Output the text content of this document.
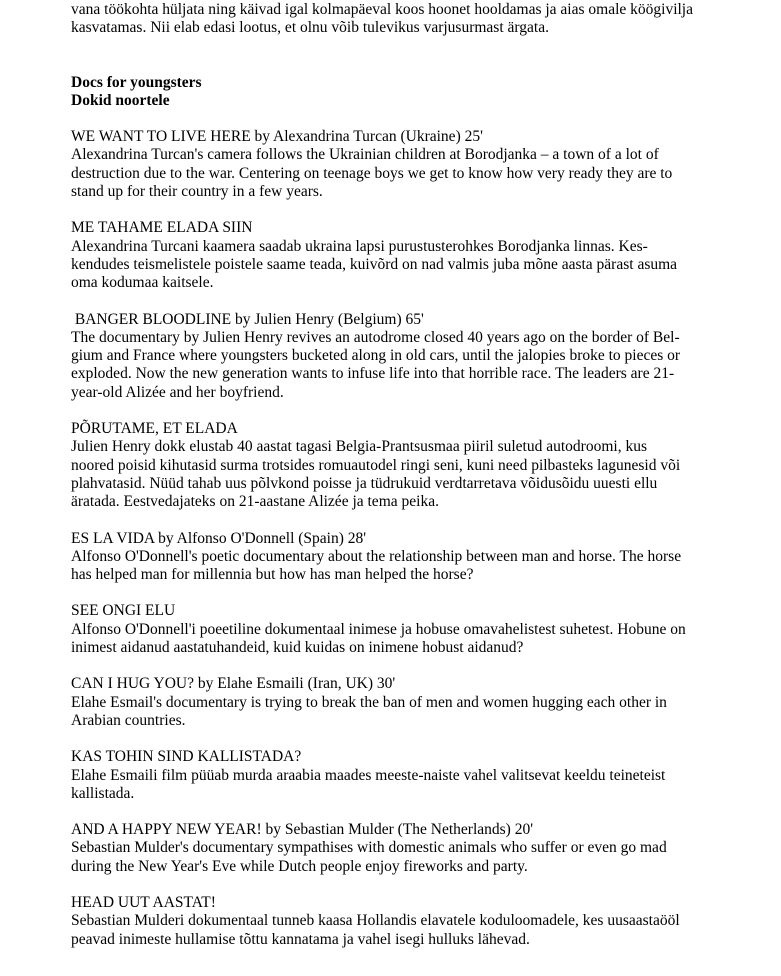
vana töökohta hüljata ning käivad igal kolmapäeval koos hoonet hooldamas ja aias omale köögivilja
kasvatamas. Nii elab edasi lootus, et olnu võib tulevikus varjusurmast ärgata.

Docs for youngsters

Dokid noortele

WE WANT TO LIVE HERE by Alexandrina Turcan (Ukraine) 25'
Alexandrina Turcan's camera follows the Ukrainian children at Borodjanka – a town of a lot of
destruction due to the war. Centering on teenage boys we get to know how very ready they are to
stand up for their country in a few years.
ME TAHAME ELADA SIIN
Alexandrina Turcani kaamera saadab ukraina lapsi purustusterohkes Borodjanka linnas. Kes-
kendudes teismelistele poistele saame teada, kuivõrd on nad valmis juba mõne aasta pärast asuma
oma kodumaa kaitsele.
BANGER BLOODLINE by Julien Henry (Belgium) 65'
The documentary by Julien Henry revives an autodrome closed 40 years ago on the border of Bel-
gium and France where youngsters bucketed along in old cars, until the jalopies broke to pieces or
exploded. Now the new generation wants to infuse life into that horrible race. The leaders are 21-
year-old Alizée and her boyfriend.
PÕRUTAME, ET ELADA
Julien Henry dokk elustab 40 aastat tagasi Belgia-Prantsusmaa piiril suletud autodroomi, kus
noored poisid kihutasid surma trotsides romuautodel ringi seni, kuni need pilbasteks lagunesid või
plahvatasid. Nüüd tahab uus põlvkond poisse ja tüdrukuid verdtarretava võidusõidu uuesti ellu
äratada. Eestvedajateks on 21-aastane Alizée ja tema peika.
ES LA VIDA by Alfonso O'Donnell (Spain) 28'
Alfonso O'Donnell's poetic documentary about the relationship between man and horse. The horse
has helped man for millennia but how has man helped the horse?
SEE ONGI ELU
Alfonso O'Donnell'i poeetiline dokumentaal inimese ja hobuse omavahelistest suhetest. Hobune on
inimest aidanud aastatuhandeid, kuid kuidas on inimene hobust aidanud?
CAN I HUG YOU? by Elahe Esmaili (Iran, UK) 30'
Elahe Esmail's documentary is trying to break the ban of men and women hugging each other in
Arabian countries.
KAS TOHIN SIND KALLISTADA?
Elahe Esmaili film püüab murda araabia maades meeste-naiste vahel valitsevat keeldu teineteist
kallistada.
AND A HAPPY NEW YEAR! by Sebastian Mulder (The Netherlands) 20'
Sebastian Mulder's documentary sympathises with domestic animals who suffer or even go mad
during the New Year's Eve while Dutch people enjoy fireworks and party.
HEAD UUT AASTAT!
Sebastian Mulderi dokumentaal tunneb kaasa Hollandis elavatele koduloomadele, kes uusaastaööl
peavad inimeste hullamise tõttu kannatama ja vahel isegi hulluks lähevad.
